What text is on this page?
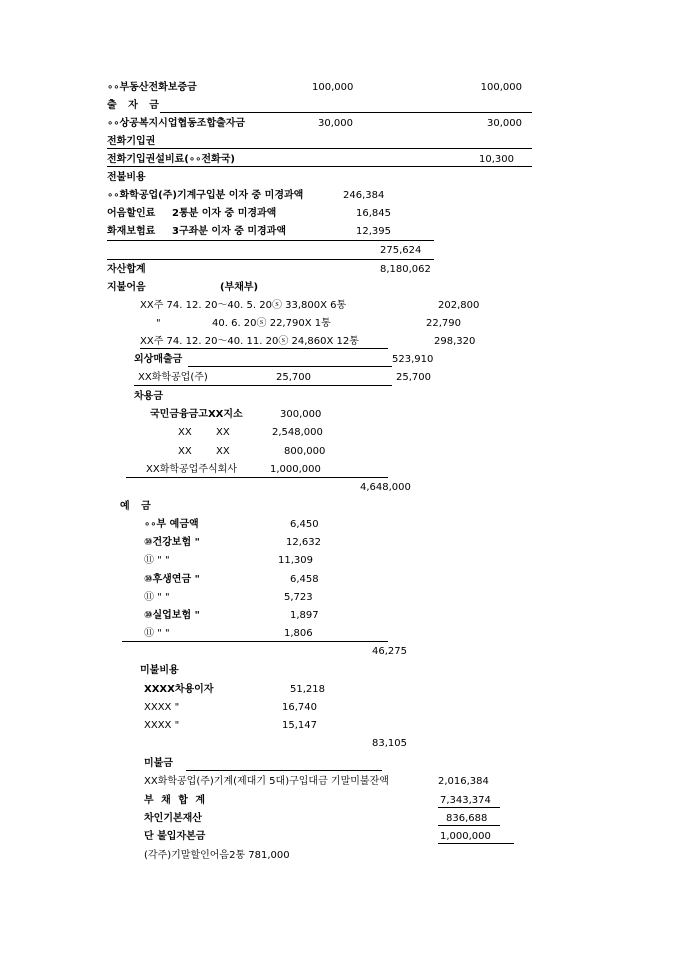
∘∘부동산전화보증금	100,000	100,000
출 자 금
∘∘상공복지시업협동조합출자금	30,000	30,000
전화기입권
전화기입권설비료(∘∘전화국)	10,300
전불비용
∘∘화학공업(주)기계구입분 이자 중 미경과액	246,384
어음할인료 2통분 이자 중 미경과액	16,845
화재보험료 3구좌분 이자 중 미경과액	12,395
275,624
자산합계	8,180,062
지불어음	(부채부)
XX주 74. 12. 20～40. 5. 20ⓢ 33,800X 6통	202,800
"	40. 6. 20ⓢ 22,790X 1통	22,790
XX주 74. 12. 20～40. 11. 20ⓢ 24,860X 12통	298,320
외상매출금	523,910
XX화학공업(주)	25,700	25,700
차용금
국민금융금고XX지소	300,000
XX XX	2,548,000
XX XX	800,000
XX화학공업주식회사	1,000,000
4,648,000
예 금
∘∘부 예금액	6,450
⑩건강보험 "	12,632
⑪ " "	11,309
⑩후생연금 "	6,458
⑪ " "	5,723
⑩실업보험 "	1,897
⑪ " "	1,806
46,275
미불비용
XXXX차용이자	51,218
XXXX "	16,740
XXXX "	15,147
83,105
미불금
XX화학공업(주)기계(제대기 5대)구입대금 기말미불잔액	2,016,384
부 채 합 계	7,343,374
차인기본재산	836,688
단 불입자본금	1,000,000
(각주)기말할인어음2통 781,000
